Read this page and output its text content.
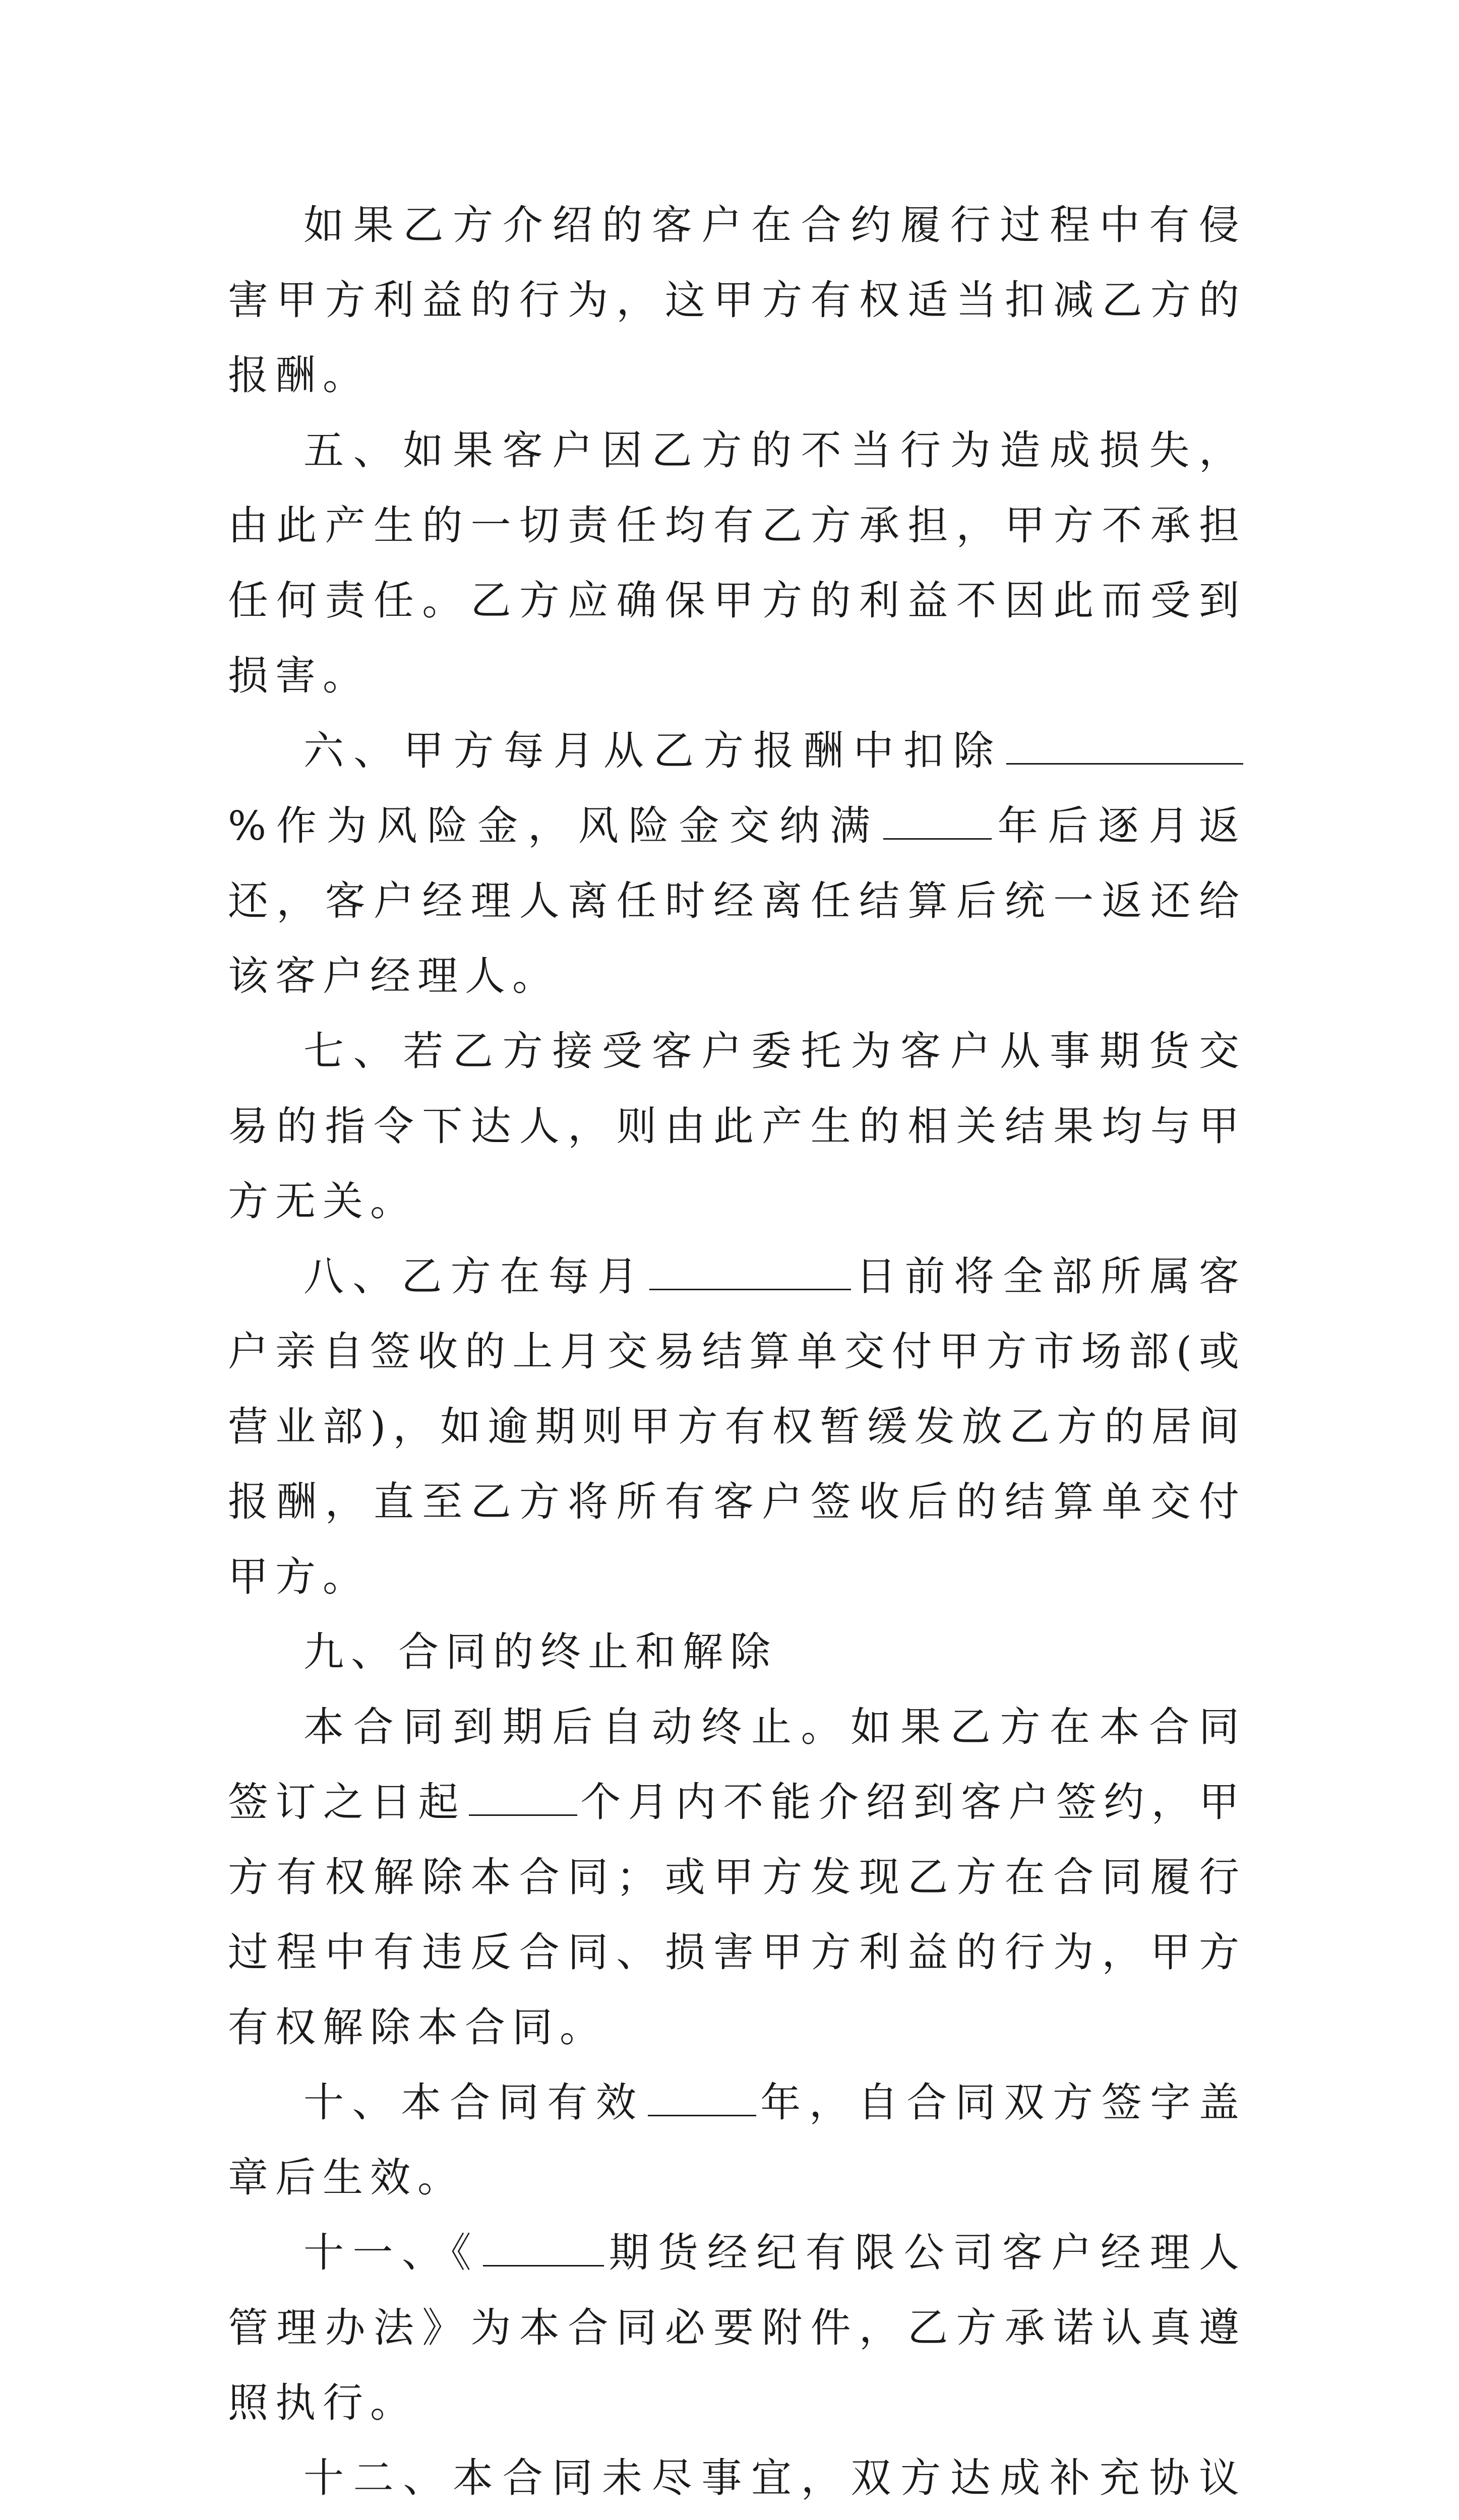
如果乙方介绍的客户在合约履行过程中有侵害甲方利益的行为，这甲方有权适当扣减乙方的报酬。

五、如果客户因乙方的不当行为造成损失，由此产生的一切责任均有乙方承担，甲方不承担任何责任。乙方应确保甲方的利益不因此而受到损害。

六、甲方每月从乙方报酬中扣除%作为风险金，风险金交纳满	年后逐月返还，客户经理人离任时经离任结算后统一返还给该客户经理人。

七、若乙方接受客户委托为客户从事期货交易的指令下达人，则由此产生的相关结果均与甲方无关。

八、乙方在每月	日前将全部所属客户亲自签收的上月交易结算单交付甲方市场部(或营业部)，如逾期则甲方有权暂缓发放乙方的居间报酬，直至乙方将所有客户签收后的结算单交付甲方。

九、合同的终止和解除

本合同到期后自动终止。如果乙方在本合同签订之日起	个月内不能介绍到客户签约，甲方有权解除本合同；或甲方发现乙方在合同履行过程中有违反合同、损害甲方利益的行为，甲方有权解除本合同。

十、本合同有效	年，自合同双方签字盖章后生效。

十一、《	期货经纪有限公司客户经理人管理办法》为本合同必要附件，乙方承诺认真遵照执行。

十二、本合同未尽事宜，双方达成补充协议
